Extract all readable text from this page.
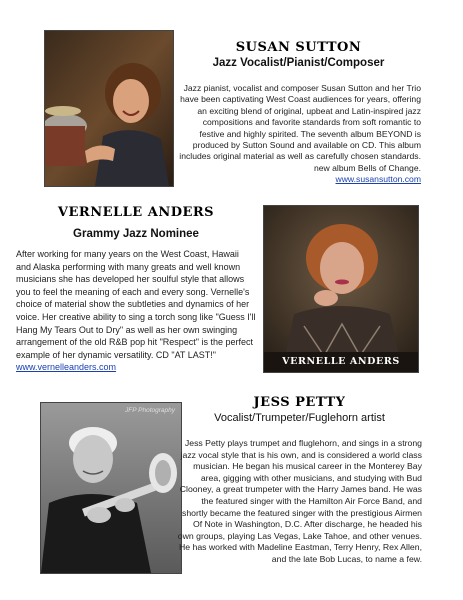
SUSAN SUTTON

Jazz Vocalist/Pianist/Composer

Jazz pianist, vocalist and composer Susan Sutton and her Trio have been captivating West Coast audiences for years, offering an exciting blend of original, upbeat and Latin-inspired jazz compositions and favorite standards from soft romantic to festive and highly spirited. The seventh album BEYOND is produced by Sutton Sound and available on CD. This album includes original material as well as carefully chosen standards. new album Bells of Change.
www.susansutton.com

VERNELLE ANDERS

Grammy Jazz Nominee

After working for many years on the West Coast, Hawaii and Alaska performing with many greats and well known musicians she has developed her soulful style that allows you to feel the meaning of each and every song. Vernelle's choice of material show the subtleties and dynamics of her voice. Her creative ability to sing a torch song like "Guess I'll Hang My Tears Out to Dry" as well as her own swinging arrangement of the old R&B pop hit "Respect" is the perfect example of her dynamic versatility. CD "AT LAST!" www.vernelleanders.com

VERNELLE ANDERS
JFP Photography
JESS PETTY

Vocalist/Trumpeter/Fuglehorn artist

Jess Petty plays trumpet and fluglehorn, and sings in a strong jazz vocal style that is his own, and is considered a world class musician. He began his musical career in the Monterey Bay area, gigging with other musicians, and studying with Bud Clooney, a great trumpeter with the Harry James band. He was the featured singer with the Hamilton Air Force Band, and shortly became the featured singer with the prestigious Airmen Of Note in Washington, D.C. After discharge, he headed his own groups, playing Las Vegas, Lake Tahoe, and other venues. He has worked with Madeline Eastman, Terry Henry, Rex Allen, and the late Bob Lucas, to name a few.
